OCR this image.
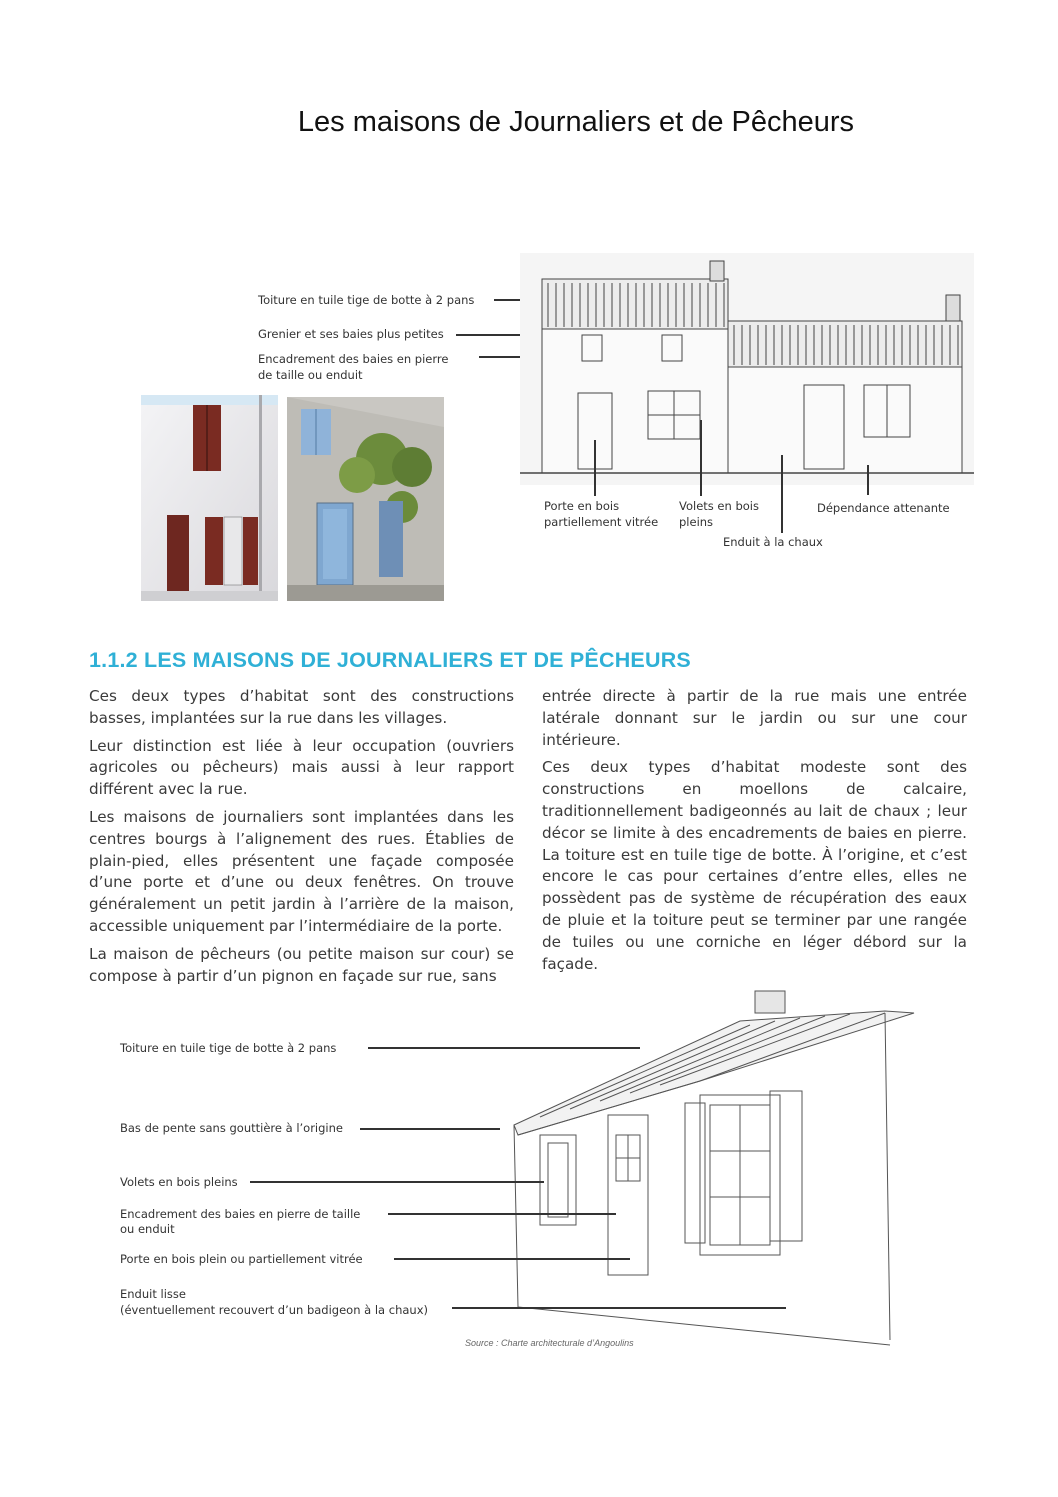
Les maisons de Journaliers et de Pêcheurs
Toiture en tuile tige de botte à 2 pans
Grenier et ses baies plus petites
Encadrement des baies en pierre
de taille ou enduit
Porte en bois
partiellement vitrée
Volets en bois
pleins
Enduit à la chaux
Dépendance attenante
1.1.2 LES MAISONS DE JOURNALIERS ET DE PÊCHEURS

Ces deux types d’habitat sont des constructions basses, implantées sur la rue dans les villages.

Leur distinction est liée à leur occupation (ouvriers agricoles ou pêcheurs) mais aussi à leur rapport différent avec la rue.

Les maisons de journaliers sont implantées dans les centres bourgs à l’alignement des rues. Établies de plain-pied, elles présentent une façade composée d’une porte et d’une ou deux fenêtres. On trouve généralement un petit jardin à l’arrière de la maison, accessible uniquement par l’intermédiaire de la porte.

La maison de pêcheurs (ou petite maison sur cour) se compose à partir d’un pignon en façade sur rue, sans

entrée directe à partir de la rue mais une entrée latérale donnant sur le jardin ou sur une cour intérieure.

Ces deux types d’habitat modeste sont des constructions en moellons de calcaire, traditionnellement badigeonnés au lait de chaux ; leur décor se limite à des encadrements de baies en pierre. La toiture est en tuile tige de botte. À l’origine, et c’est encore le cas pour certaines d’entre elles, elles ne possèdent pas de système de récupération des eaux de pluie et la toiture peut se terminer par une rangée de tuiles ou une corniche en léger débord sur la façade.

Toiture en tuile tige de botte à 2 pans
Bas de pente sans gouttière à l’origine
Volets en bois pleins
Encadrement des baies en pierre de taille
ou enduit
Porte en bois plein ou partiellement vitrée
Enduit lisse
(éventuellement recouvert d’un badigeon à la chaux)
Source : Charte architecturale d’Angoulins
